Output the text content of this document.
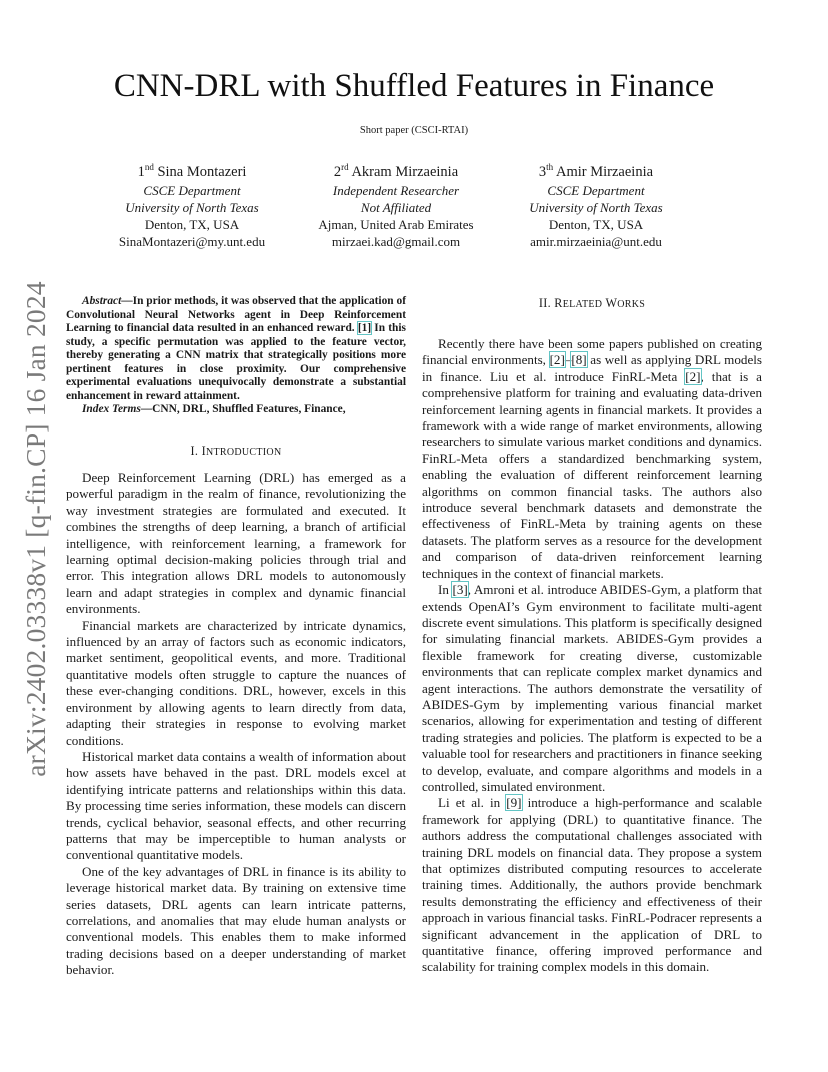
arXiv:2402.03338v1 [q-fin.CP] 16 Jan 2024
CNN-DRL with Shuffled Features in Finance
Short paper (CSCI-RTAI)
1nd Sina Montazeri
CSCE Department
University of North Texas
Denton, TX, USA
SinaMontazeri@my.unt.edu
2rd Akram Mirzaeinia
Independent Researcher
Not Affiliated
Ajman, United Arab Emirates
mirzaei.kad@gmail.com
3th Amir Mirzaeinia
CSCE Department
University of North Texas
Denton, TX, USA
amir.mirzaeinia@unt.edu

Abstract—In prior methods, it was observed that the application of Convolutional Neural Networks agent in Deep Reinforcement Learning to financial data resulted in an enhanced reward. [1] In this study, a specific permutation was applied to the feature vector, thereby generating a CNN matrix that strategically positions more pertinent features in close proximity. Our comprehensive experimental evaluations unequivocally demonstrate a substantial enhancement in reward attainment.

Index Terms—CNN, DRL, Shuffled Features, Finance,

I. INTRODUCTION

Deep Reinforcement Learning (DRL) has emerged as a powerful paradigm in the realm of finance, revolutionizing the way investment strategies are formulated and executed. It combines the strengths of deep learning, a branch of artificial intelligence, with reinforcement learning, a framework for learning optimal decision-making policies through trial and error. This integration allows DRL models to autonomously learn and adapt strategies in complex and dynamic financial environments.

Financial markets are characterized by intricate dynamics, influenced by an array of factors such as economic indicators, market sentiment, geopolitical events, and more. Traditional quantitative models often struggle to capture the nuances of these ever-changing conditions. DRL, however, excels in this environment by allowing agents to learn directly from data, adapting their strategies in response to evolving market conditions.

Historical market data contains a wealth of information about how assets have behaved in the past. DRL models excel at identifying intricate patterns and relationships within this data. By processing time series information, these models can discern trends, cyclical behavior, seasonal effects, and other recurring patterns that may be imperceptible to human analysts or conventional quantitative models.

One of the key advantages of DRL in finance is its ability to leverage historical market data. By training on extensive time series datasets, DRL agents can learn intricate patterns, correlations, and anomalies that may elude human analysts or conventional models. This enables them to make informed trading decisions based on a deeper understanding of market behavior.

II. RELATED WORKS

Recently there have been some papers published on creating financial environments, [2]–[8] as well as applying DRL models in finance. Liu et al. introduce FinRL-Meta [2], that is a comprehensive platform for training and evaluating data-driven reinforcement learning agents in financial markets. It provides a framework with a wide range of market environments, allowing researchers to simulate various market conditions and dynamics. FinRL-Meta offers a standardized benchmarking system, enabling the evaluation of different reinforcement learning algorithms on common financial tasks. The authors also introduce several benchmark datasets and demonstrate the effectiveness of FinRL-Meta by training agents on these datasets. The platform serves as a resource for the development and comparison of data-driven reinforcement learning techniques in the context of financial markets.

In [3], Amroni et al. introduce ABIDES-Gym, a platform that extends OpenAI’s Gym environment to facilitate multi-agent discrete event simulations. This platform is specifically designed for simulating financial markets. ABIDES-Gym provides a flexible framework for creating diverse, customizable environments that can replicate complex market dynamics and agent interactions. The authors demonstrate the versatility of ABIDES-Gym by implementing various financial market scenarios, allowing for experimentation and testing of different trading strategies and policies. The platform is expected to be a valuable tool for researchers and practitioners in finance seeking to develop, evaluate, and compare algorithms and models in a controlled, simulated environment.

Li et al. in [9] introduce a high-performance and scalable framework for applying (DRL) to quantitative finance. The authors address the computational challenges associated with training DRL models on financial data. They propose a system that optimizes distributed computing resources to accelerate training times. Additionally, the authors provide benchmark results demonstrating the efficiency and effectiveness of their approach in various financial tasks. FinRL-Podracer represents a significant advancement in the application of DRL to quantitative finance, offering improved performance and scalability for training complex models in this domain.
